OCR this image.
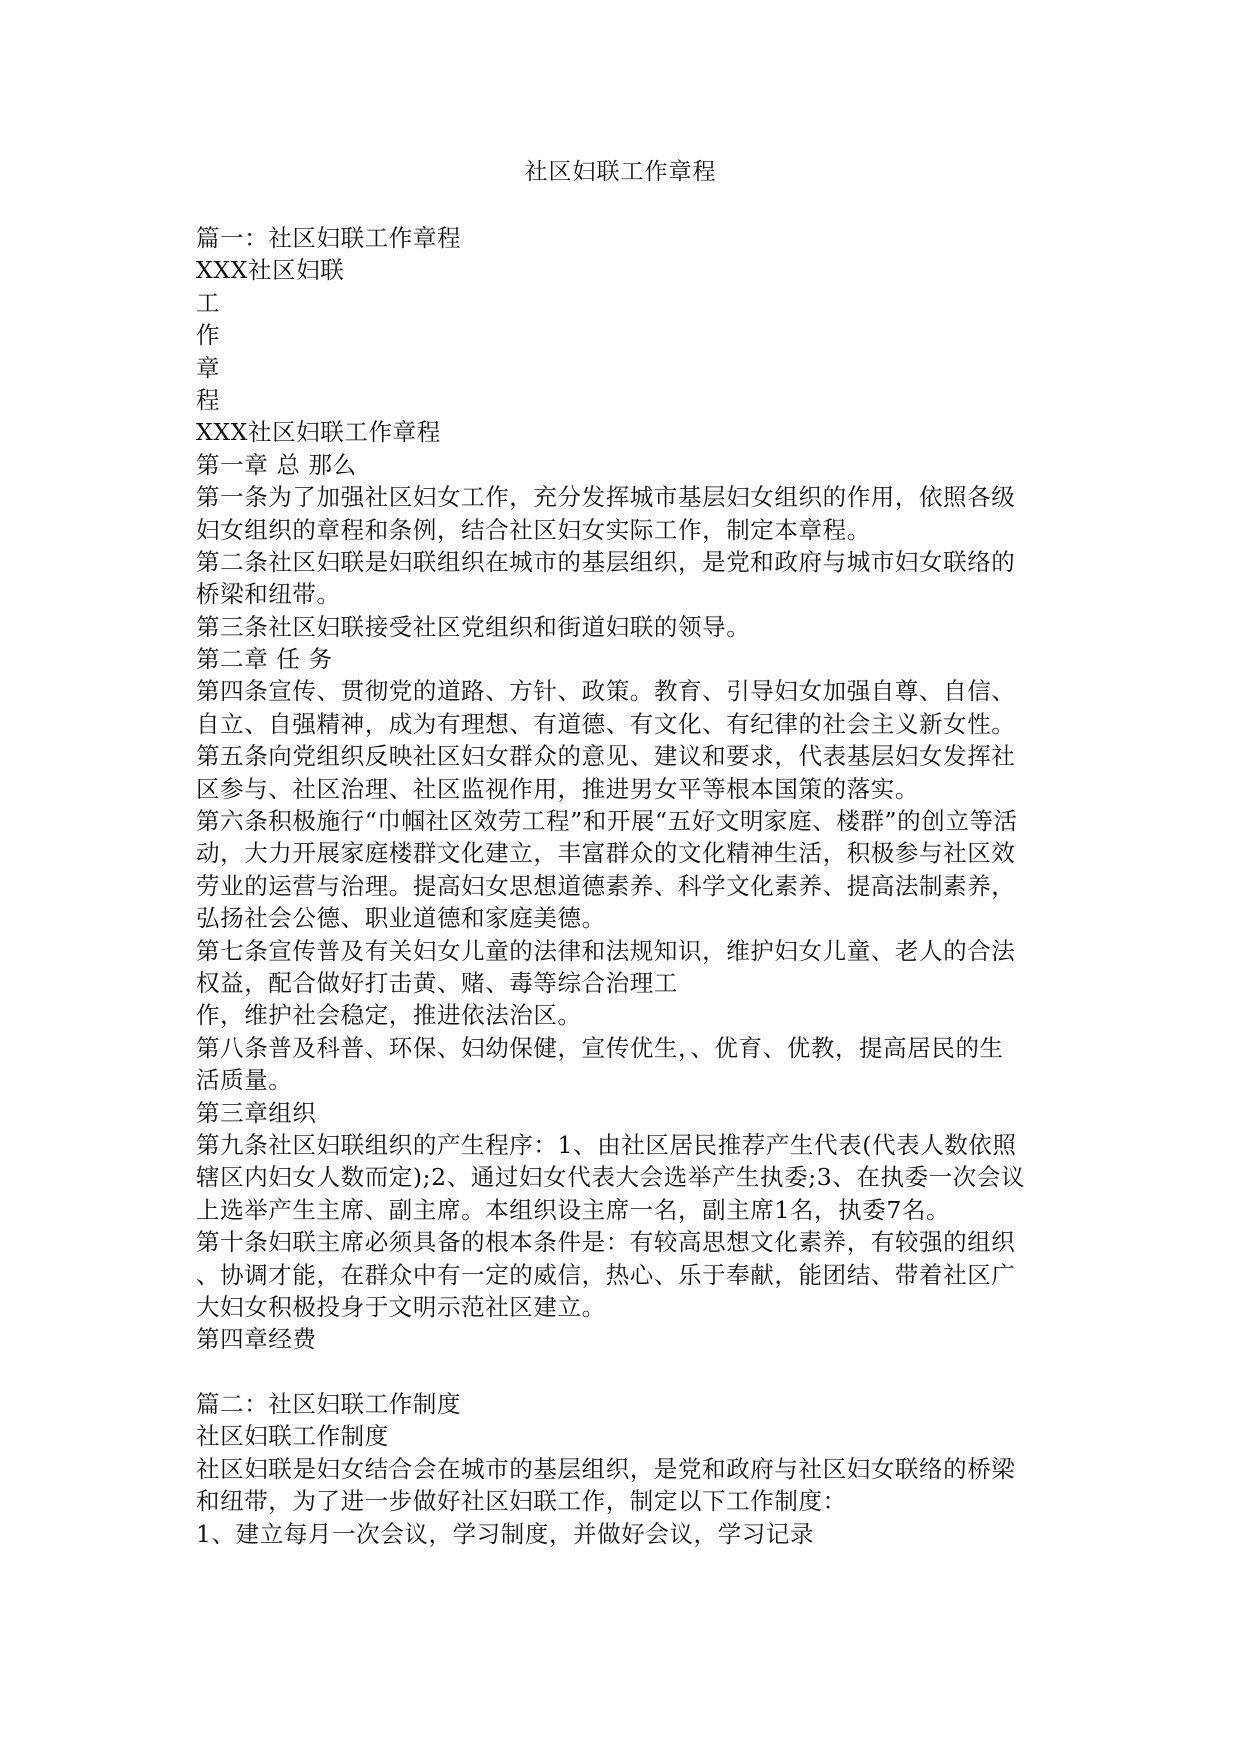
社区妇联工作章程
篇一：社区妇联工作章程
XXX社区妇联
工
作
章
程
XXX社区妇联工作章程
第一章 总 那么
第一条为了加强社区妇女工作，充分发挥城市基层妇女组织的作用，依照各级
妇女组织的章程和条例，结合社区妇女实际工作，制定本章程。
第二条社区妇联是妇联组织在城市的基层组织，是党和政府与城市妇女联络的
桥梁和纽带。
第三条社区妇联接受社区党组织和街道妇联的领导。
第二章 任 务
第四条宣传、贯彻党的道路、方针、政策。教育、引导妇女加强自尊、自信、
自立、自强精神，成为有理想、有道德、有文化、有纪律的社会主义新女性。
第五条向党组织反映社区妇女群众的意见、建议和要求，代表基层妇女发挥社
区参与、社区治理、社区监视作用，推进男女平等根本国策的落实。
第六条积极施行“巾帼社区效劳工程”和开展“五好文明家庭、楼群”的创立等活
动，大力开展家庭楼群文化建立，丰富群众的文化精神生活，积极参与社区效
劳业的运营与治理。提高妇女思想道德素养、科学文化素养、提高法制素养，
弘扬社会公德、职业道德和家庭美德。
第七条宣传普及有关妇女儿童的法律和法规知识，维护妇女儿童、老人的合法
权益，配合做好打击黄、赌、毒等综合治理工
作，维护社会稳定，推进依法治区。
第八条普及科普、环保、妇幼保健，宣传优生，、优育、优教，提高居民的生
活质量。
第三章组织
第九条社区妇联组织的产生程序：1、由社区居民推荐产生代表(代表人数依照
辖区内妇女人数而定);2、通过妇女代表大会选举产生执委;3、在执委一次会议
上选举产生主席、副主席。本组织设主席一名，副主席1名，执委7名。
第十条妇联主席必须具备的根本条件是：有较高思想文化素养，有较强的组织
、协调才能，在群众中有一定的威信，热心、乐于奉献，能团结、带着社区广
大妇女积极投身于文明示范社区建立。
第四章经费
篇二：社区妇联工作制度
社区妇联工作制度
社区妇联是妇女结合会在城市的基层组织，是党和政府与社区妇女联络的桥梁
和纽带，为了进一步做好社区妇联工作，制定以下工作制度：
1、建立每月一次会议，学习制度，并做好会议，学习记录
